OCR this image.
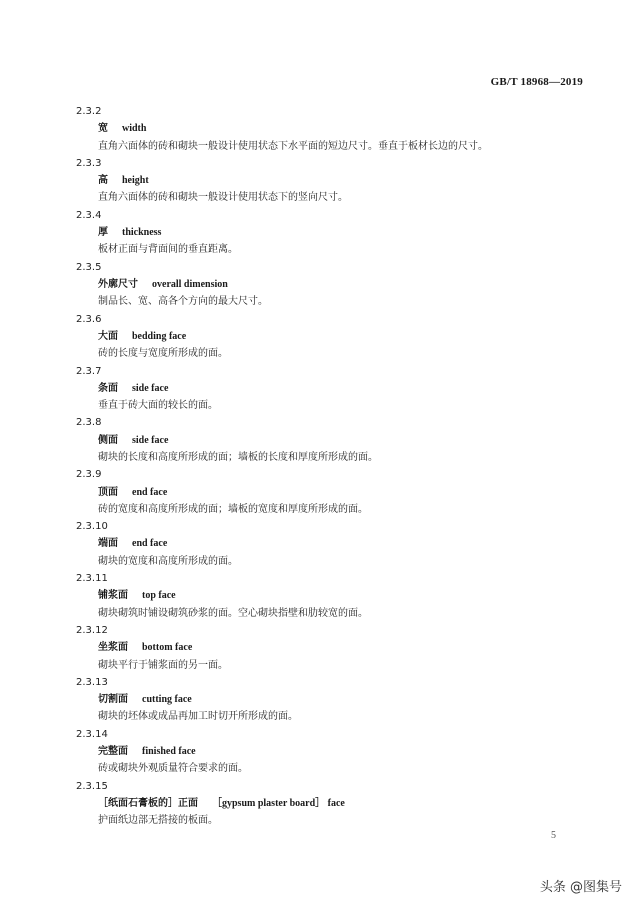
GB/T 18968—2019
2.3.2
宽 width
直角六面体的砖和砌块一般设计使用状态下水平面的短边尺寸。垂直于板材长边的尺寸。
2.3.3
高 height
直角六面体的砖和砌块一般设计使用状态下的竖向尺寸。
2.3.4
厚 thickness
板材正面与背面间的垂直距离。
2.3.5
外廓尺寸 overall dimension
制品长、宽、高各个方向的最大尺寸。
2.3.6
大面 bedding face
砖的长度与宽度所形成的面。
2.3.7
条面 side face
垂直于砖大面的较长的面。
2.3.8
侧面 side face
砌块的长度和高度所形成的面；墙板的长度和厚度所形成的面。
2.3.9
顶面 end face
砖的宽度和高度所形成的面；墙板的宽度和厚度所形成的面。
2.3.10
端面 end face
砌块的宽度和高度所形成的面。
2.3.11
铺浆面 top face
砌块砌筑时铺设砌筑砂浆的面。空心砌块指壁和肋较宽的面。
2.3.12
坐浆面 bottom face
砌块平行于铺浆面的另一面。
2.3.13
切割面 cutting face
砌块的坯体或成品再加工时切开所形成的面。
2.3.14
完整面 finished face
砖或砌块外观质量符合要求的面。
2.3.15
［纸面石膏板的］正面 ［gypsum plaster board］ face
护面纸边部无搭接的板面。
5
头条 @图集号
